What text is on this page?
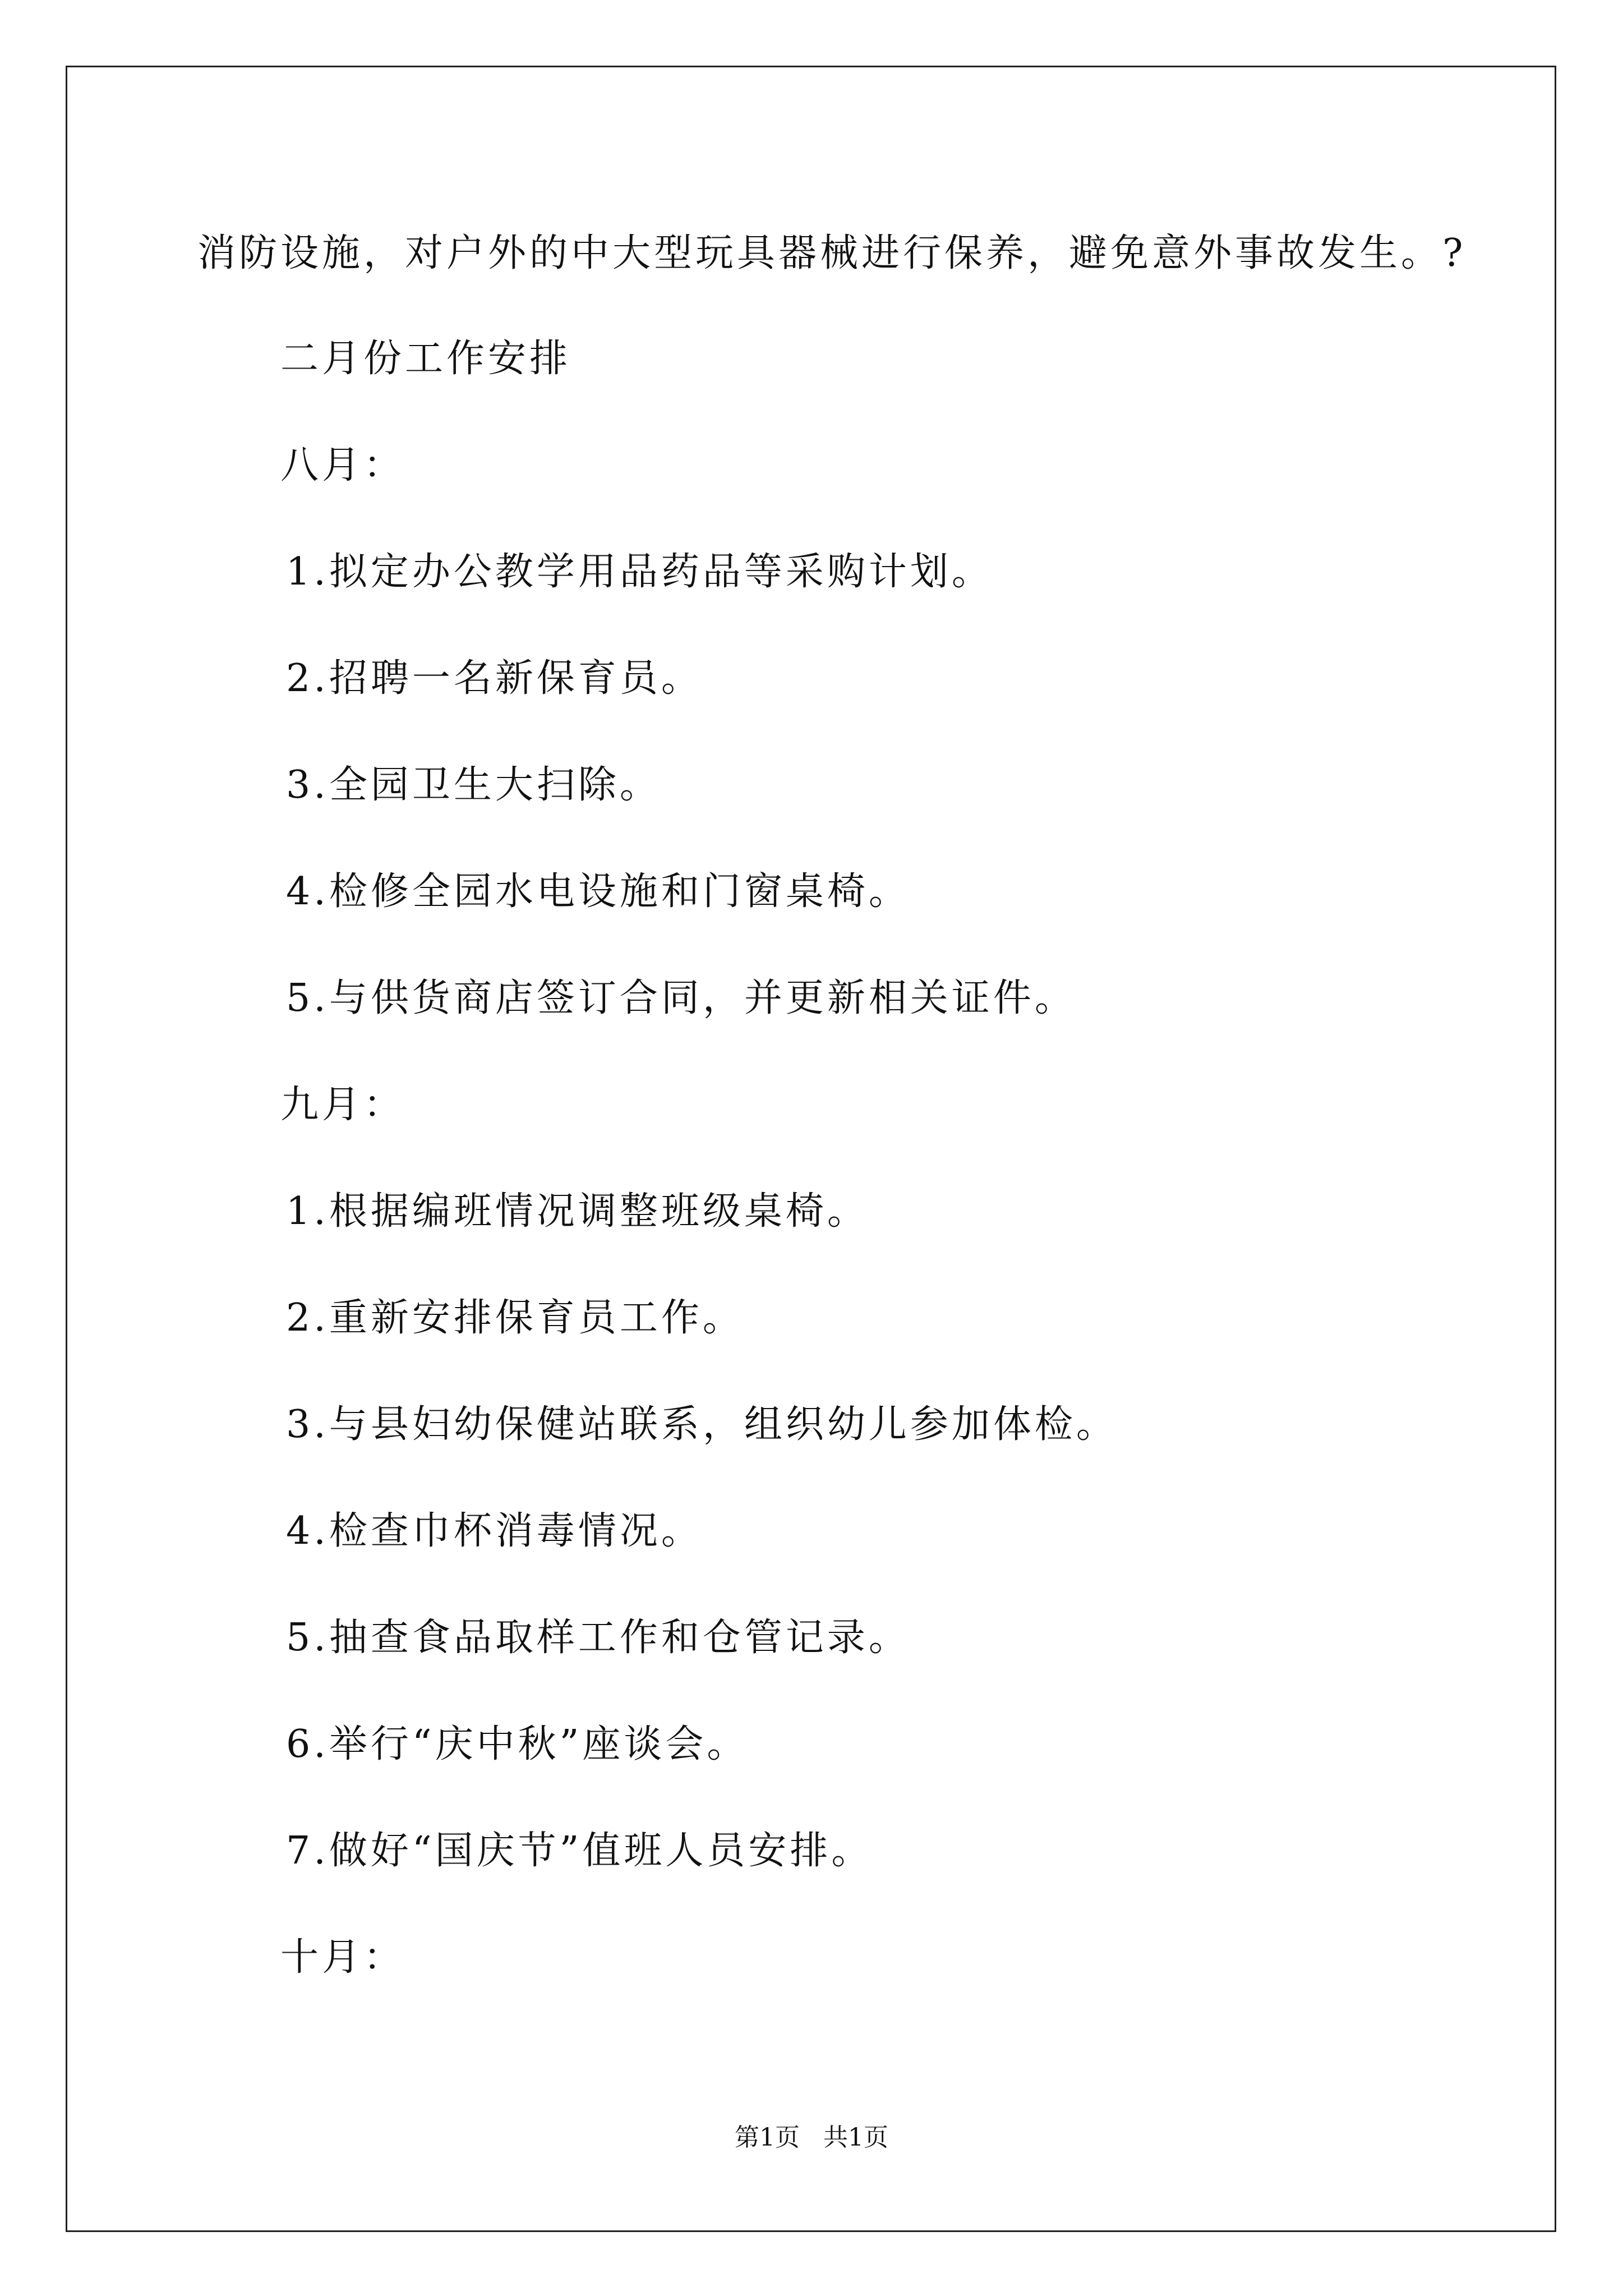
消防设施，对户外的中大型玩具器械进行保养，避免意外事故发生。?
二月份工作安排
八月：
1.拟定办公教学用品药品等采购计划。
2.招聘一名新保育员。
3.全园卫生大扫除。
4.检修全园水电设施和门窗桌椅。
5.与供货商店签订合同，并更新相关证件。
九月：
1.根据编班情况调整班级桌椅。
2.重新安排保育员工作。
3.与县妇幼保健站联系，组织幼儿参加体检。
4.检查巾杯消毒情况。
5.抽查食品取样工作和仓管记录。
6.举行“庆中秋”座谈会。
7.做好“国庆节”值班人员安排。
十月：
第1页   共1页
